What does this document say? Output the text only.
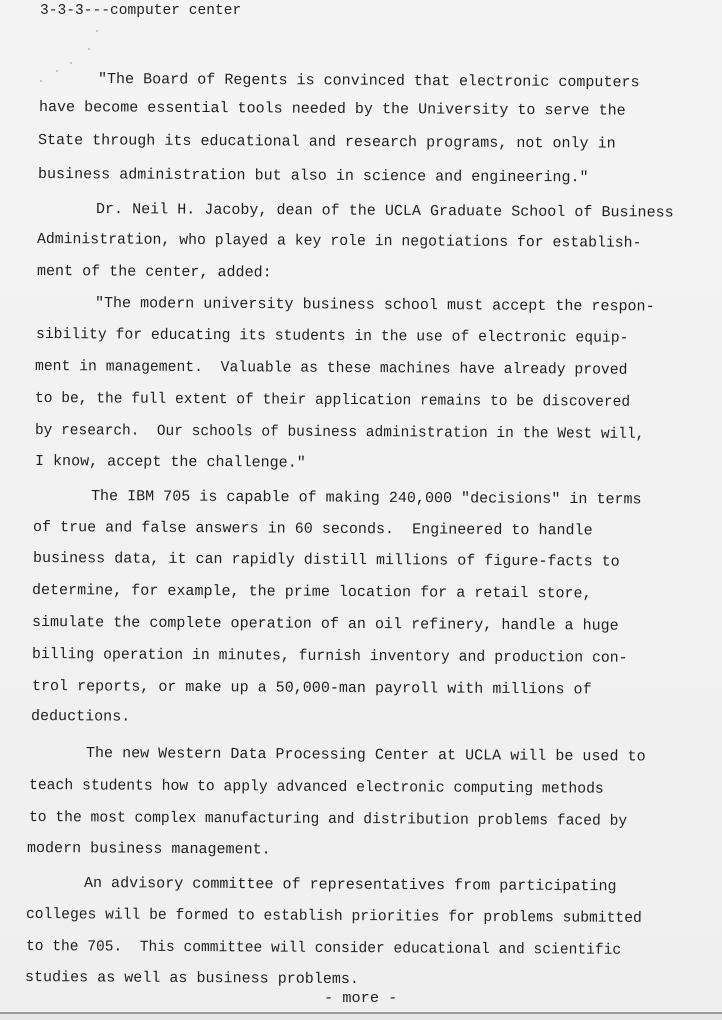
3-3-3---computer center
"The Board of Regents is convinced that electronic computers
have become essential tools needed by the University to serve the
State through its educational and research programs, not only in
business administration but also in science and engineering."
Dr. Neil H. Jacoby, dean of the UCLA Graduate School of Business
Administration, who played a key role in negotiations for establish-
ment of the center, added:
"The modern university business school must accept the respon-
sibility for educating its students in the use of electronic equip-
ment in management.  Valuable as these machines have already proved
to be, the full extent of their application remains to be discovered
by research.  Our schools of business administration in the West will,
I know, accept the challenge."
The IBM 705 is capable of making 240,000 "decisions" in terms
of true and false answers in 60 seconds.  Engineered to handle
business data, it can rapidly distill millions of figure-facts to
determine, for example, the prime location for a retail store,
simulate the complete operation of an oil refinery, handle a huge
billing operation in minutes, furnish inventory and production con-
trol reports, or make up a 50,000-man payroll with millions of
deductions.
The new Western Data Processing Center at UCLA will be used to
teach students how to apply advanced electronic computing methods
to the most complex manufacturing and distribution problems faced by
modern business management.
An advisory committee of representatives from participating
colleges will be formed to establish priorities for problems submitted
to the 705.  This committee will consider educational and scientific
studies as well as business problems.
- more -
